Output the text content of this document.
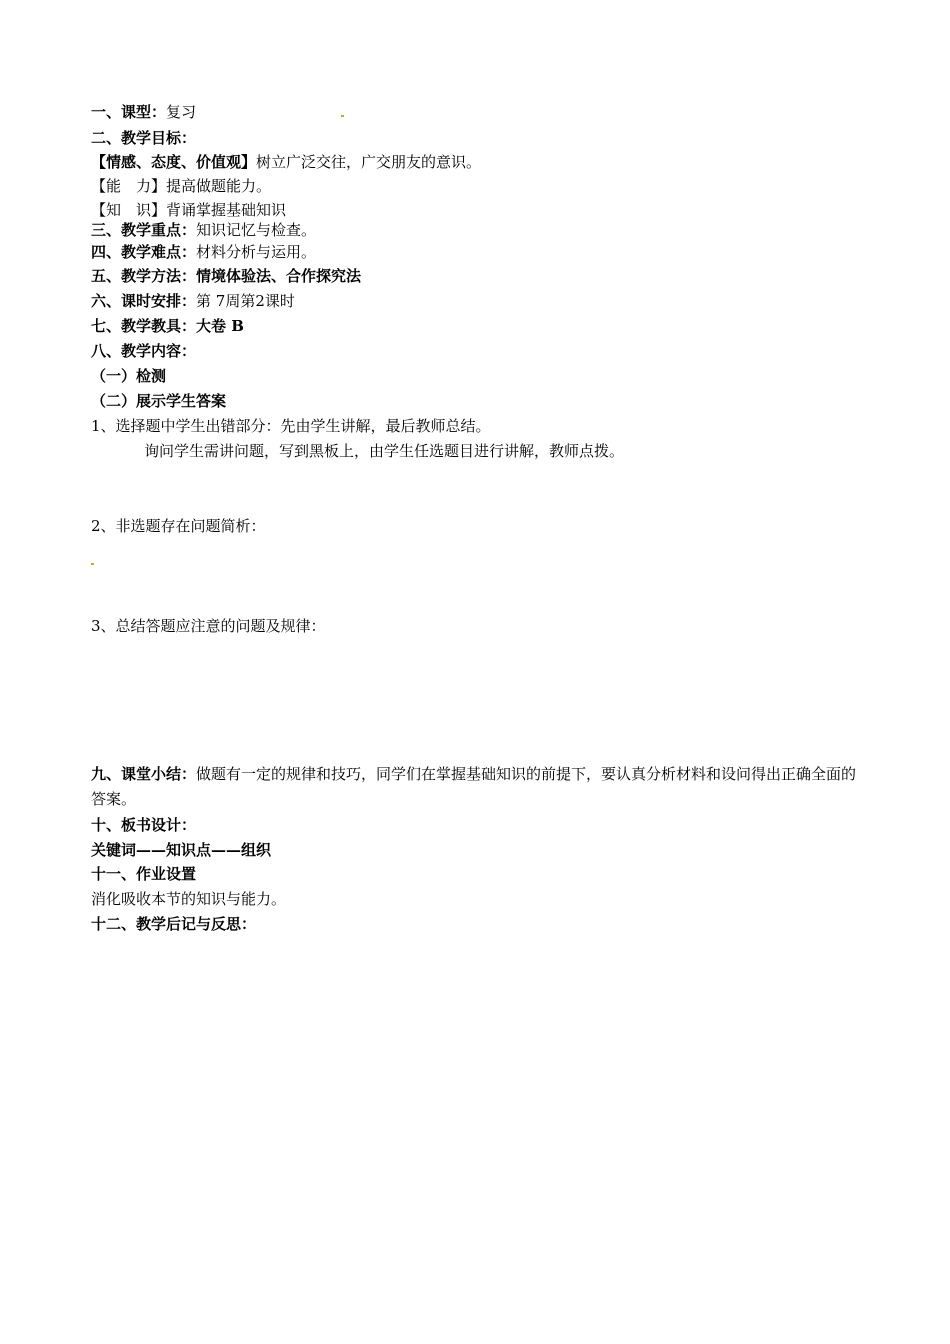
一、课型：复习
二、教学目标：
【情感、态度、价值观】树立广泛交往，广交朋友的意识。
【能　力】提高做题能力。
【知　识】背诵掌握基础知识
三、教学重点：知识记忆与检查。
四、教学难点：材料分析与运用。
五、教学方法：情境体验法、合作探究法
六、课时安排：第 7周第2课时
七、教学教具：大卷 B
八、教学内容：
（一）检测
（二）展示学生答案
1、选择题中学生出错部分：先由学生讲解，最后教师总结。
询问学生需讲问题，写到黑板上，由学生任选题目进行讲解，教师点拨。
2、非选题存在问题简析：
3、总结答题应注意的问题及规律：
九、课堂小结：做题有一定的规律和技巧，同学们在掌握基础知识的前提下，要认真分析材料和设问得出正确全面的答案。
十、板书设计：
关键词——知识点——组织
十一、作业设置
消化吸收本节的知识与能力。
十二、教学后记与反思：
